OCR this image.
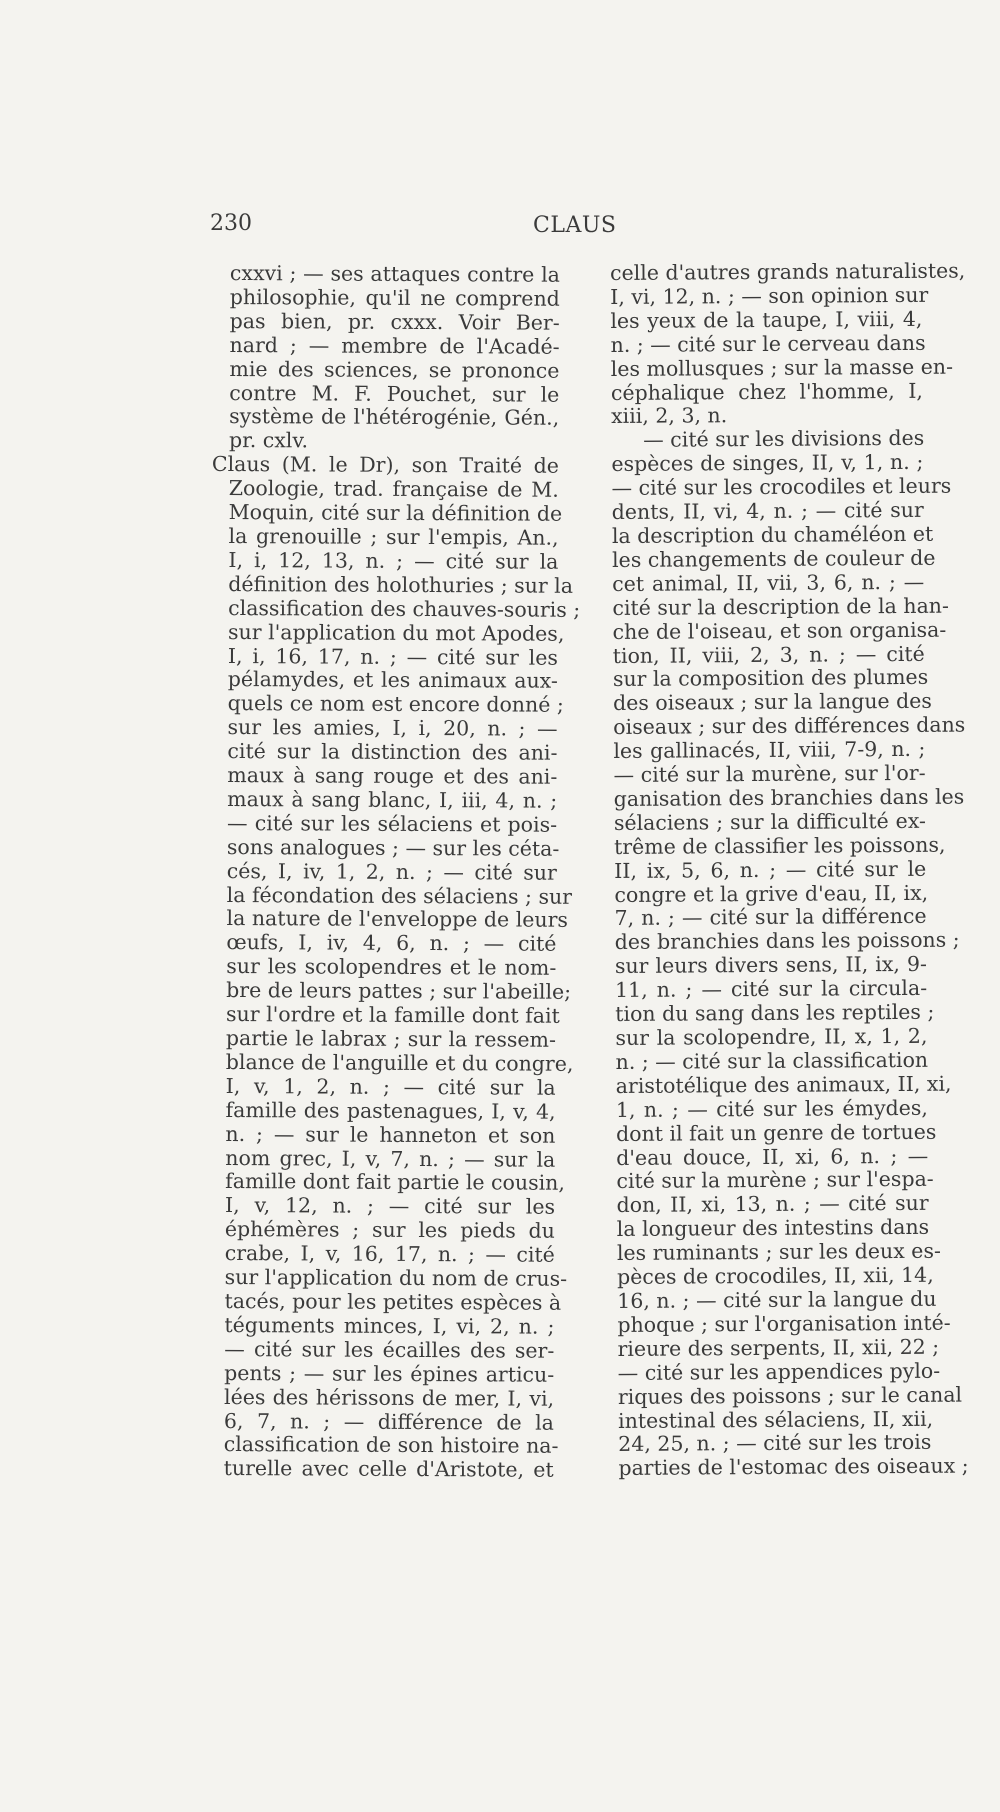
230	CLAUS
cxxvi ; — ses attaques contre la
philosophie, qu'il ne comprend
pas bien, pr. cxxx. Voir Ber-
nard ; — membre de l'Acadé-
mie des sciences, se prononce
contre M. F. Pouchet, sur le
système de l'hétérogénie, Gén.,
pr. cxlv.
Claus (M. le Dr), son Traité de
Zoologie, trad. française de M.
Moquin, cité sur la définition de
la grenouille ; sur l'empis, An.,
I, i, 12, 13, n. ; — cité sur la
définition des holothuries ; sur la
classification des chauves-souris ;
sur l'application du mot Apodes,
I, i, 16, 17, n. ; — cité sur les
pélamydes, et les animaux aux-
quels ce nom est encore donné ;
sur les amies, I, i, 20, n. ; —
cité sur la distinction des ani-
maux à sang rouge et des ani-
maux à sang blanc, I, iii, 4, n. ;
— cité sur les sélaciens et pois-
sons analogues ; — sur les céta-
cés, I, iv, 1, 2, n. ; — cité sur
la fécondation des sélaciens ; sur
la nature de l'enveloppe de leurs
œufs, I, iv, 4, 6, n. ; — cité
sur les scolopendres et le nom-
bre de leurs pattes ; sur l'abeille;
sur l'ordre et la famille dont fait
partie le labrax ; sur la ressem-
blance de l'anguille et du congre,
I, v, 1, 2, n. ; — cité sur la
famille des pastenagues, I, v, 4,
n. ; — sur le hanneton et son
nom grec, I, v, 7, n. ; — sur la
famille dont fait partie le cousin,
I, v, 12, n. ; — cité sur les
éphémères ; sur les pieds du
crabe, I, v, 16, 17, n. ; — cité
sur l'application du nom de crus-
tacés, pour les petites espèces à
téguments minces, I, vi, 2, n. ;
— cité sur les écailles des ser-
pents ; — sur les épines articu-
lées des hérissons de mer, I, vi,
6, 7, n. ; — différence de la
classification de son histoire na-
turelle avec celle d'Aristote, et
celle d'autres grands naturalistes,
I, vi, 12, n. ; — son opinion sur
les yeux de la taupe, I, viii, 4,
n. ; — cité sur le cerveau dans
les mollusques ; sur la masse en-
céphalique chez l'homme, I,
xiii, 2, 3, n.
— cité sur les divisions des
espèces de singes, II, v, 1, n. ;
— cité sur les crocodiles et leurs
dents, II, vi, 4, n. ; — cité sur
la description du chaméléon et
les changements de couleur de
cet animal, II, vii, 3, 6, n. ; —
cité sur la description de la han-
che de l'oiseau, et son organisa-
tion, II, viii, 2, 3, n. ; — cité
sur la composition des plumes
des oiseaux ; sur la langue des
oiseaux ; sur des différences dans
les gallinacés, II, viii, 7-9, n. ;
— cité sur la murène, sur l'or-
ganisation des branchies dans les
sélaciens ; sur la difficulté ex-
trême de classifier les poissons,
II, ix, 5, 6, n. ; — cité sur le
congre et la grive d'eau, II, ix,
7, n. ; — cité sur la différence
des branchies dans les poissons ;
sur leurs divers sens, II, ix, 9-
11, n. ; — cité sur la circula-
tion du sang dans les reptiles ;
sur la scolopendre, II, x, 1, 2,
n. ; — cité sur la classification
aristotélique des animaux, II, xi,
1, n. ; — cité sur les émydes,
dont il fait un genre de tortues
d'eau douce, II, xi, 6, n. ; —
cité sur la murène ; sur l'espa-
don, II, xi, 13, n. ; — cité sur
la longueur des intestins dans
les ruminants ; sur les deux es-
pèces de crocodiles, II, xii, 14,
16, n. ; — cité sur la langue du
phoque ; sur l'organisation inté-
rieure des serpents, II, xii, 22 ;
— cité sur les appendices pylo-
riques des poissons ; sur le canal
intestinal des sélaciens, II, xii,
24, 25, n. ; — cité sur les trois
parties de l'estomac des oiseaux ;
